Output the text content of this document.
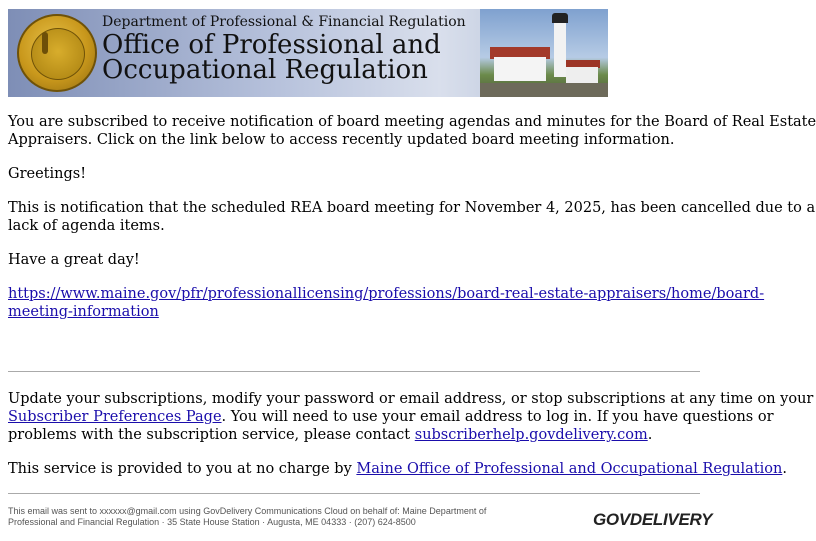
Department of Professional & Financial Regulation
Office of Professional and
Occupational Regulation

You are subscribed to receive notification of board meeting agendas and minutes for the Board of Real Estate
Appraisers. Click on the link below to access recently updated board meeting information.

Greetings!

This is notification that the scheduled REA board meeting for November 4, 2025, has been cancelled due to a
lack of agenda items.

Have a great day!

https://www.maine.gov/pfr/professionallicensing/professions/board-real-estate-appraisers/home/board-
meeting-information

Update your subscriptions, modify your password or email address, or stop subscriptions at any time on your
Subscriber Preferences Page. You will need to use your email address to log in. If you have questions or
problems with the subscription service, please contact subscriberhelp.govdelivery.com.

This service is provided to you at no charge by Maine Office of Professional and Occupational Regulation.

This email was sent to xxxxxx@gmail.com using GovDelivery Communications Cloud on behalf of: Maine Department of
Professional and Financial Regulation · 35 State House Station · Augusta, ME 04333 · (207) 624-8500	GOVDELIVERY
